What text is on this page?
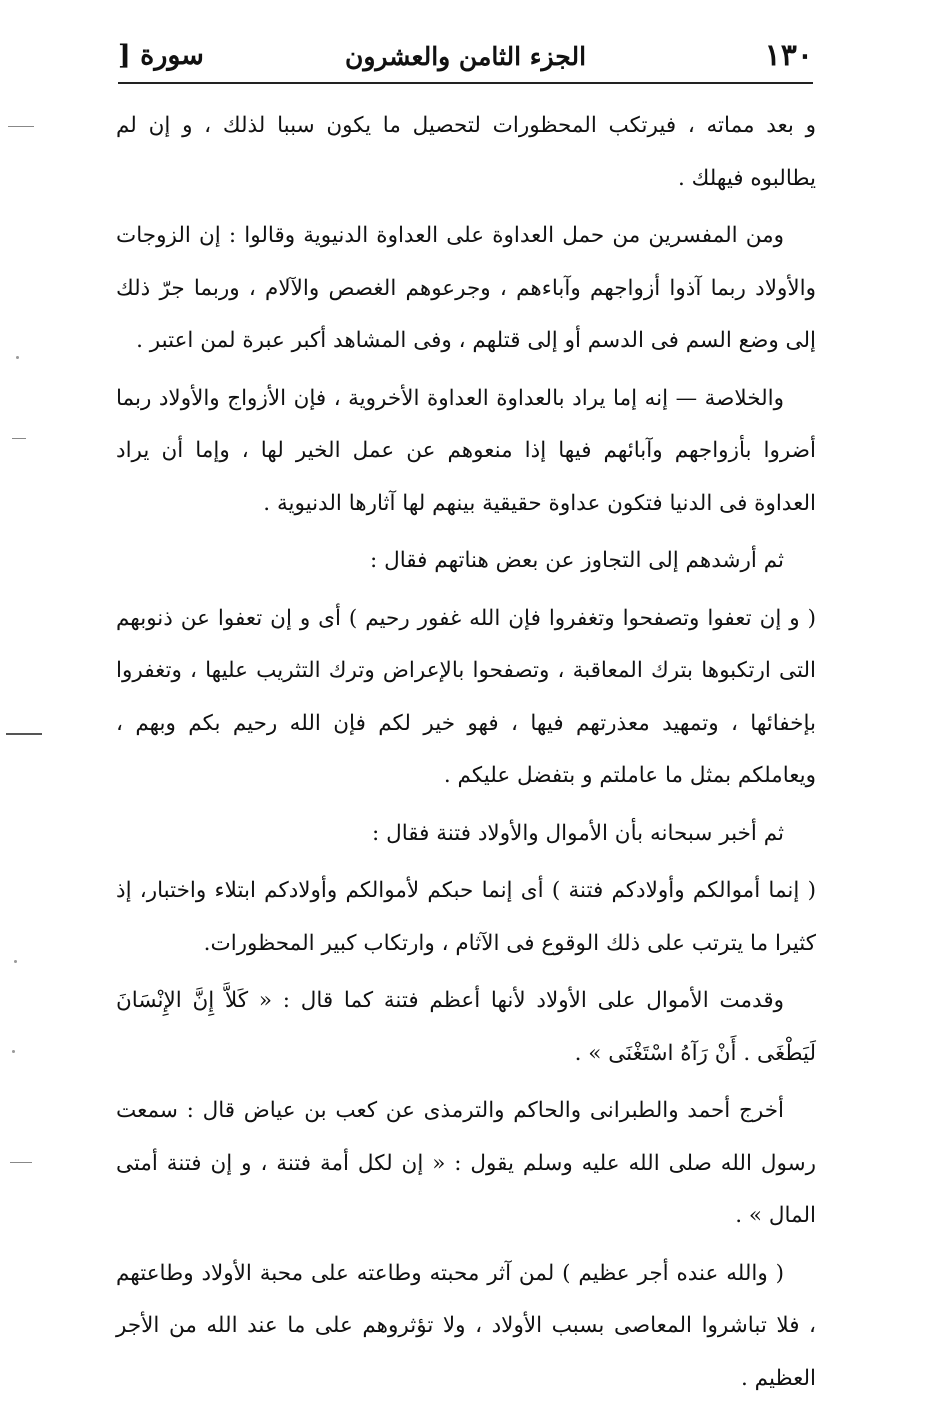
١٣٠
الجزء الثامن والعشرون
سورة [

و بعد مماته ، فيرتكب المحظورات لتحصيل ما يكون سببا لذلك ، و إن لم يطالبوه فيهلك .

ومن المفسرين من حمل العداوة على العداوة الدنيوية وقالوا : إن الزوجات والأولاد ربما آذوا أزواجهم وآباءهم ، وجرعوهم الغصص والآلام ، وربما جرّ ذلك إلى وضع السم فى الدسم أو إلى قتلهم ، وفى المشاهد أكبر عبرة لمن اعتبر .

والخلاصة — إنه إما يراد بالعداوة العداوة الأخروية ، فإن الأزواج والأولاد ربما أضروا بأزواجهم وآبائهم فيها إذا منعوهم عن عمل الخير لها ، وإما أن يراد العداوة فى الدنيا فتكون عداوة حقيقية بينهم لها آثارها الدنيوية .

ثم أرشدهم إلى التجاوز عن بعض هناتهم فقال :

( و إن تعفوا وتصفحوا وتغفروا فإن الله غفور رحيم ) أى و إن تعفوا عن ذنوبهم التى ارتكبوها بترك المعاقبة ، وتصفحوا بالإعراض وترك التثريب عليها ، وتغفروا بإخفائها ، وتمهيد معذرتهم فيها ، فهو خير لكم فإن الله رحيم بكم وبهم ، ويعاملكم بمثل ما عاملتم و بتفضل عليكم .

ثم أخبر سبحانه بأن الأموال والأولاد فتنة فقال :

( إنما أموالكم وأولادكم فتنة ) أى إنما حبكم لأموالكم وأولادكم ابتلاء واختبار، إذ كثيرا ما يترتب على ذلك الوقوع فى الآثام ، وارتكاب كبير المحظورات.

وقدمت الأموال على الأولاد لأنها أعظم فتنة كما قال : « كَلاَّ إِنَّ الإِنْسَانَ لَيَطْغَى . أَنْ رَآهُ اسْتَغْنَى » .

أخرج أحمد والطبرانى والحاكم والترمذى عن كعب بن عياض قال : سمعت رسول الله صلى الله عليه وسلم يقول : « إن لكل أمة فتنة ، و إن فتنة أمتى المال » .

( والله عنده أجر عظيم ) لمن آثر محبته وطاعته على محبة الأولاد وطاعتهم ، فلا تباشروا المعاصى بسبب الأولاد ، ولا تؤثروهم على ما عند الله من الأجر العظيم .
